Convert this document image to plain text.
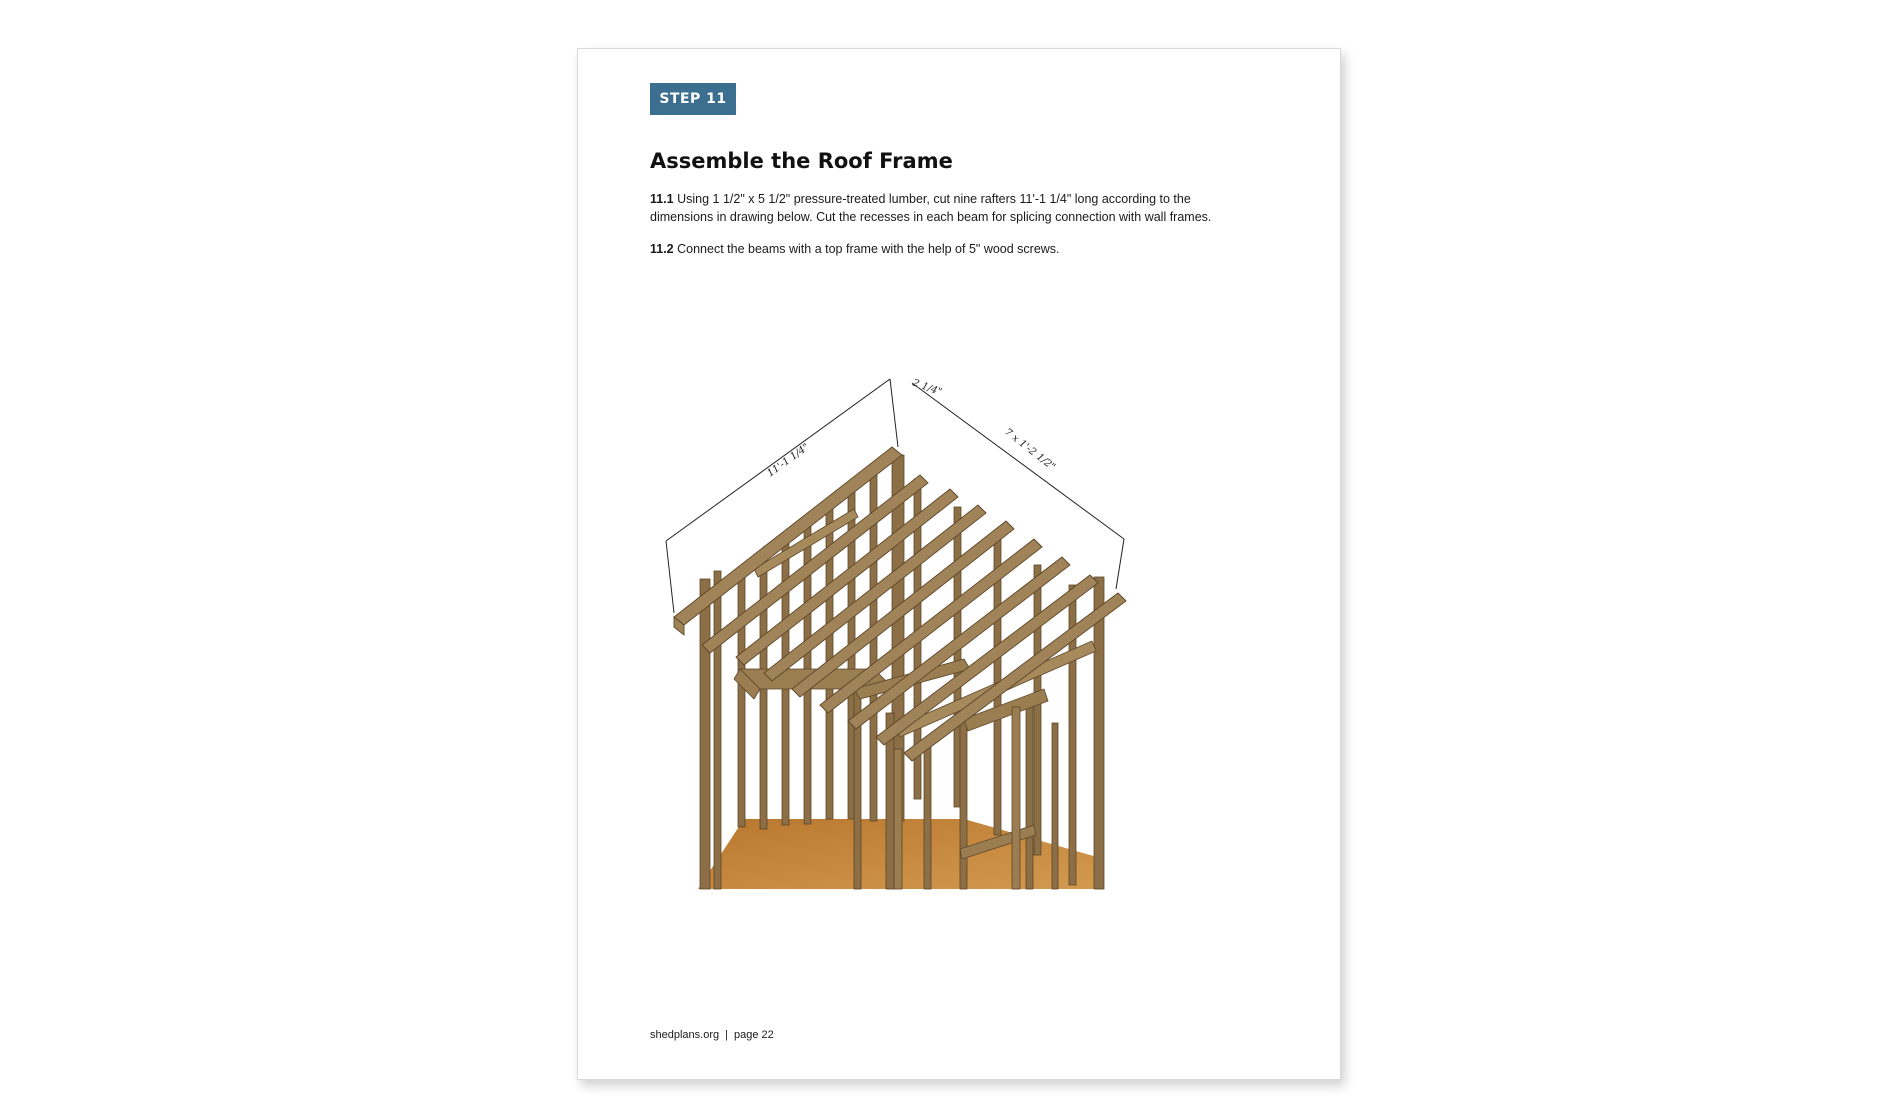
STEP 11
Assemble the Roof Frame

11.1 Using 1 1/2" x 5 1/2" pressure-treated lumber, cut nine rafters 11'-1 1/4" long according to the dimensions in drawing below. Cut the recesses in each beam for splicing connection with wall frames.

11.2 Connect the beams with a top frame with the help of 5" wood screws.

11'-1 1/4"
2 1/4"
7 x 1'-2 1/2"
shedplans.org | page 22
